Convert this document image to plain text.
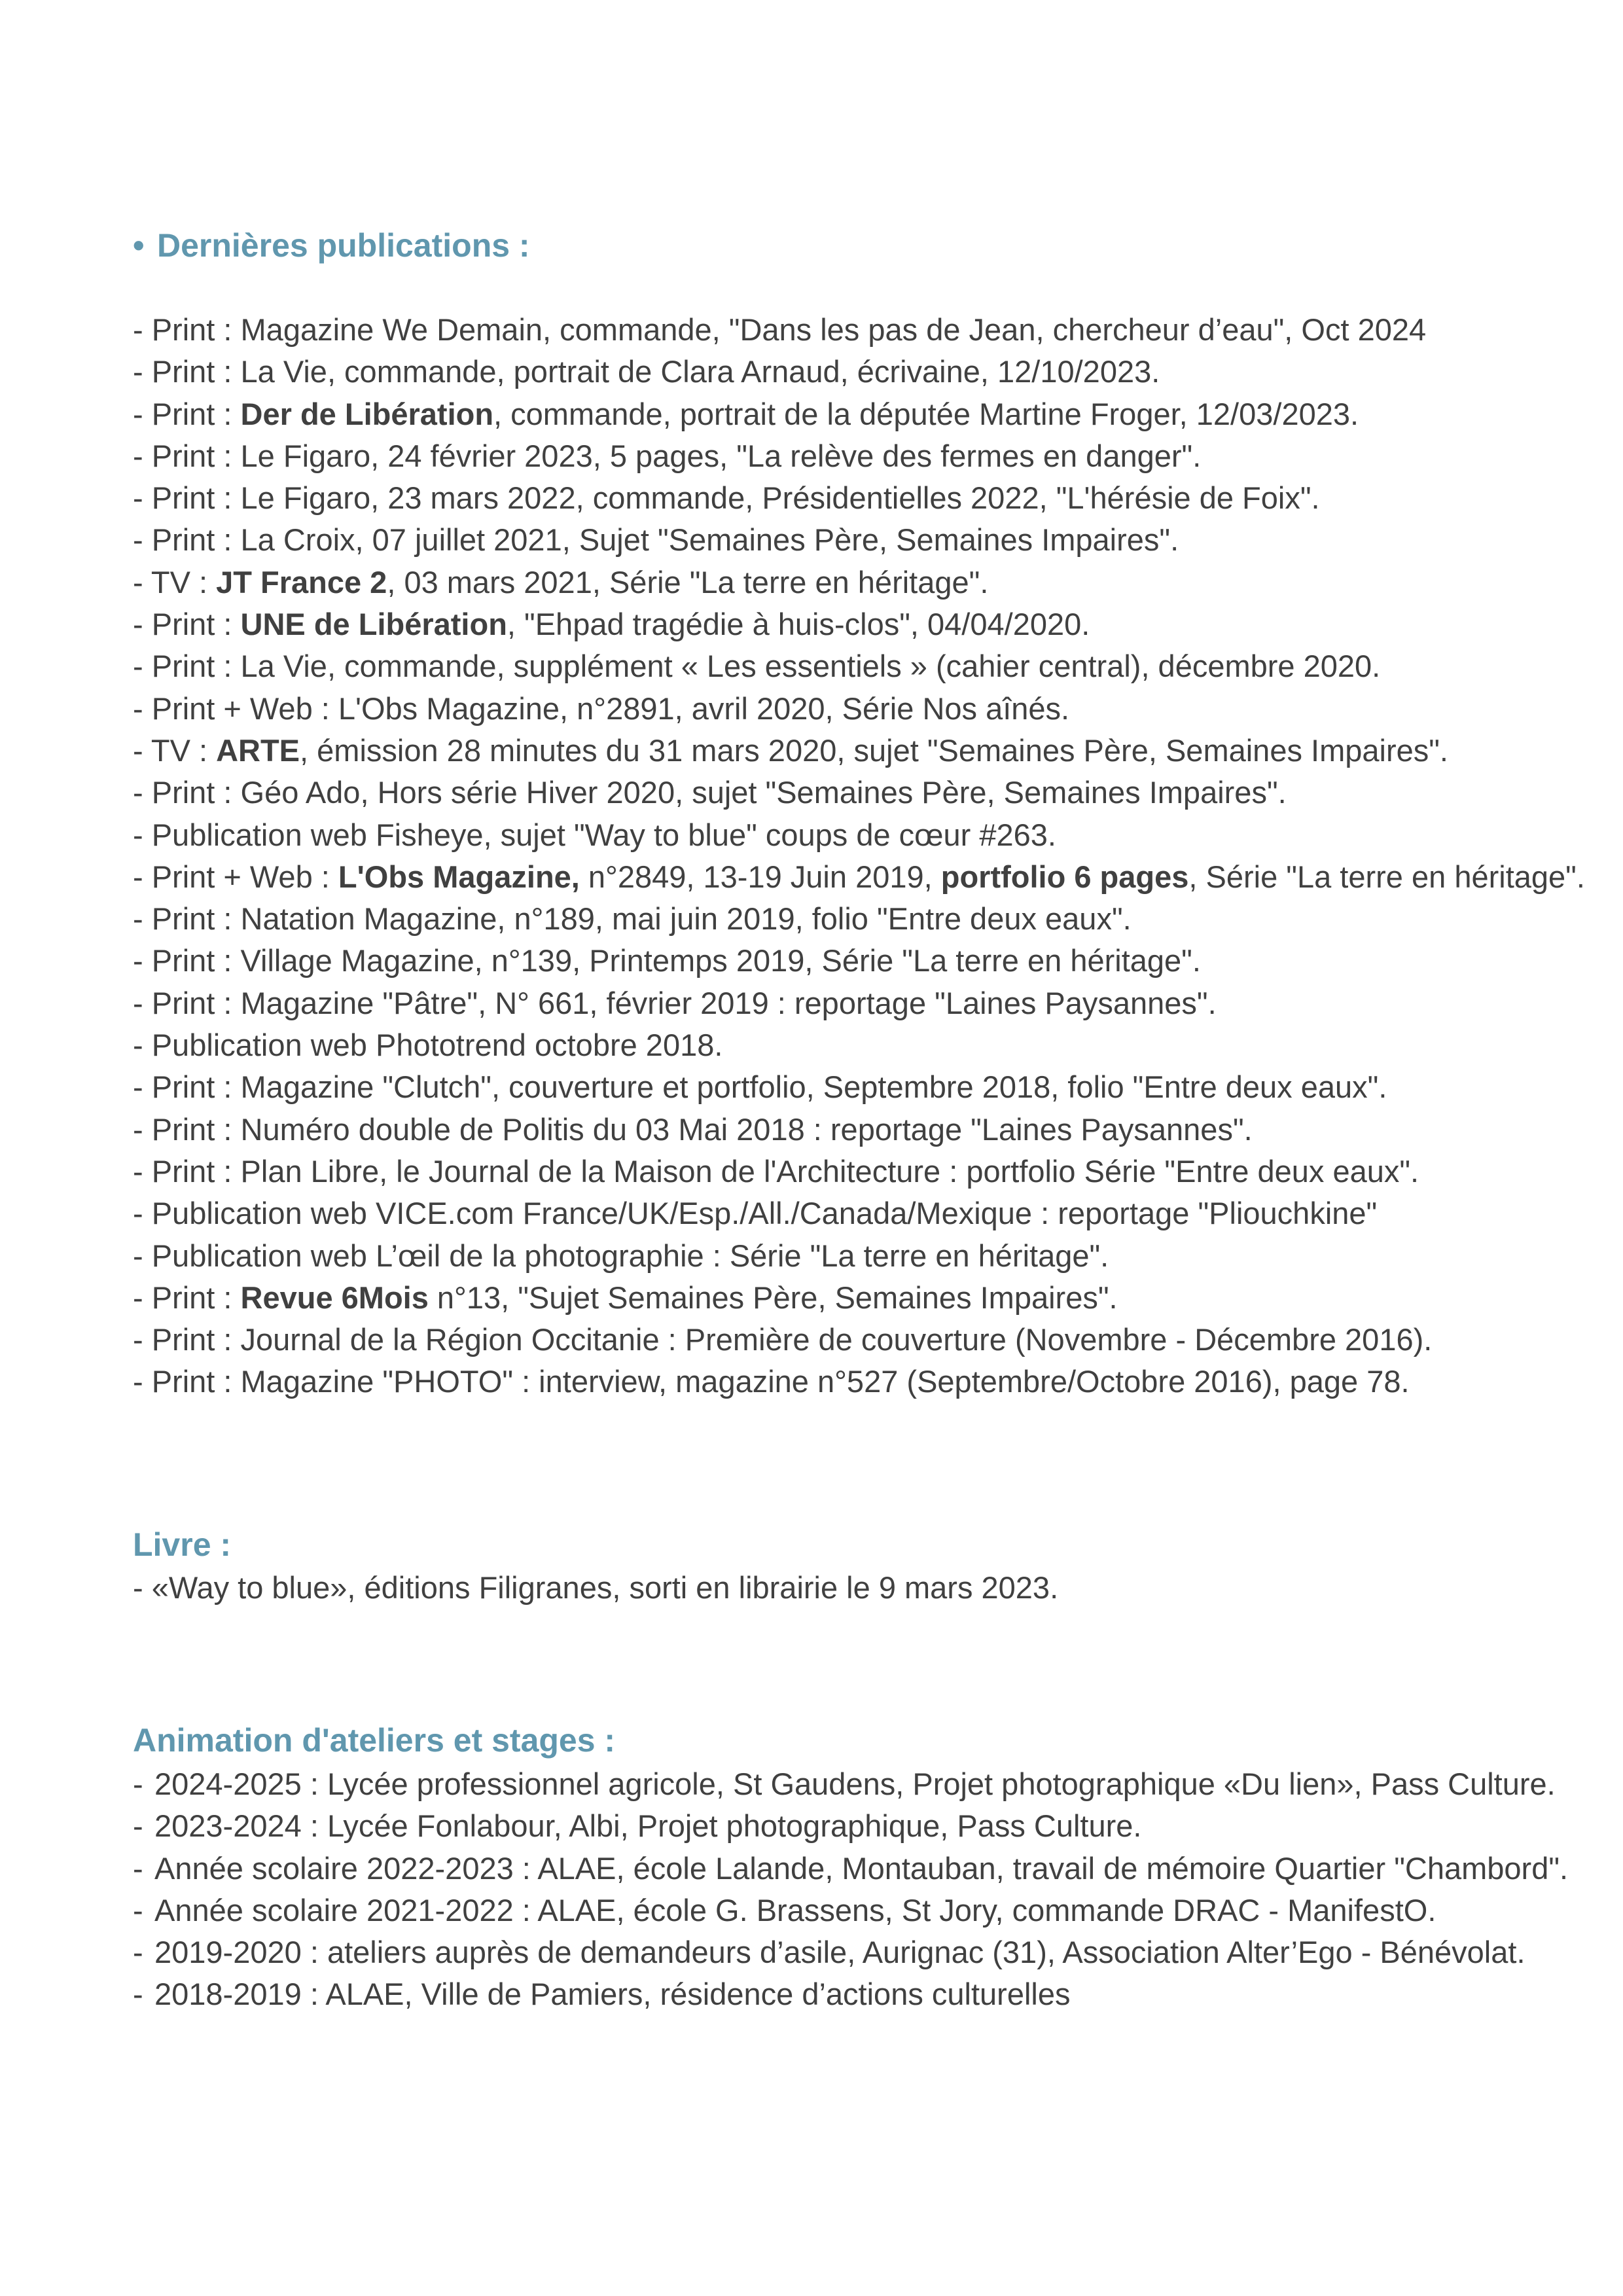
• Dernières publications :
- Print : Magazine We Demain, commande, "Dans les pas de Jean, chercheur d’eau", Oct 2024
- Print : La Vie, commande, portrait de Clara Arnaud, écrivaine, 12/10/2023.
- Print : Der de Libération, commande, portrait de la députée Martine Froger, 12/03/2023.
- Print : Le Figaro, 24 février 2023, 5 pages, "La relève des fermes en danger".
- Print : Le Figaro, 23 mars 2022, commande, Présidentielles 2022, "L'hérésie de Foix".
- Print : La Croix, 07 juillet 2021, Sujet "Semaines Père, Semaines Impaires".
- TV : JT France 2, 03 mars 2021, Série "La terre en héritage".
- Print : UNE de Libération, "Ehpad tragédie à huis-clos", 04/04/2020.
- Print : La Vie, commande, supplément « Les essentiels » (cahier central), décembre 2020.
- Print + Web : L'Obs Magazine, n°2891, avril 2020, Série Nos aînés.
- TV : ARTE, émission 28 minutes du 31 mars 2020, sujet "Semaines Père, Semaines Impaires".
- Print : Géo Ado, Hors série Hiver 2020, sujet "Semaines Père, Semaines Impaires".
- Publication web Fisheye, sujet "Way to blue" coups de cœur #263.
- Print + Web : L'Obs Magazine, n°2849, 13-19 Juin 2019, portfolio 6 pages, Série "La terre en héritage".
- Print : Natation Magazine, n°189, mai juin 2019, folio "Entre deux eaux".
- Print : Village Magazine, n°139, Printemps 2019, Série "La terre en héritage".
- Print : Magazine "Pâtre", N° 661, février 2019 : reportage "Laines Paysannes".
- Publication web Phototrend octobre 2018.
- Print : Magazine "Clutch", couverture et portfolio, Septembre 2018, folio "Entre deux eaux".
- Print : Numéro double de Politis du 03 Mai 2018 : reportage "Laines Paysannes".
- Print : Plan Libre, le Journal de la Maison de l'Architecture : portfolio Série "Entre deux eaux".
- Publication web VICE.com France/UK/Esp./All./Canada/Mexique : reportage "Pliouchkine"
- Publication web L’œil de la photographie : Série "La terre en héritage".
- Print : Revue 6Mois n°13, "Sujet Semaines Père, Semaines Impaires".
- Print : Journal de la Région Occitanie : Première de couverture (Novembre - Décembre 2016).
- Print : Magazine "PHOTO" : interview, magazine n°527 (Septembre/Octobre 2016), page 78.
Livre :
- «Way to blue», éditions Filigranes, sorti en librairie le 9 mars 2023.
Animation d'ateliers et stages :
- 2024-2025 : Lycée professionnel agricole, St Gaudens, Projet photographique «Du lien», Pass Culture.
- 2023-2024 : Lycée Fonlabour, Albi, Projet photographique, Pass Culture.
- Année scolaire 2022-2023 : ALAE, école Lalande, Montauban, travail de mémoire Quartier "Chambord".
- Année scolaire 2021-2022 : ALAE, école G. Brassens, St Jory, commande DRAC - ManifestO.
- 2019-2020 : ateliers auprès de demandeurs d’asile, Aurignac (31), Association Alter’Ego - Bénévolat.
- 2018-2019 : ALAE, Ville de Pamiers, résidence d’actions culturelles
